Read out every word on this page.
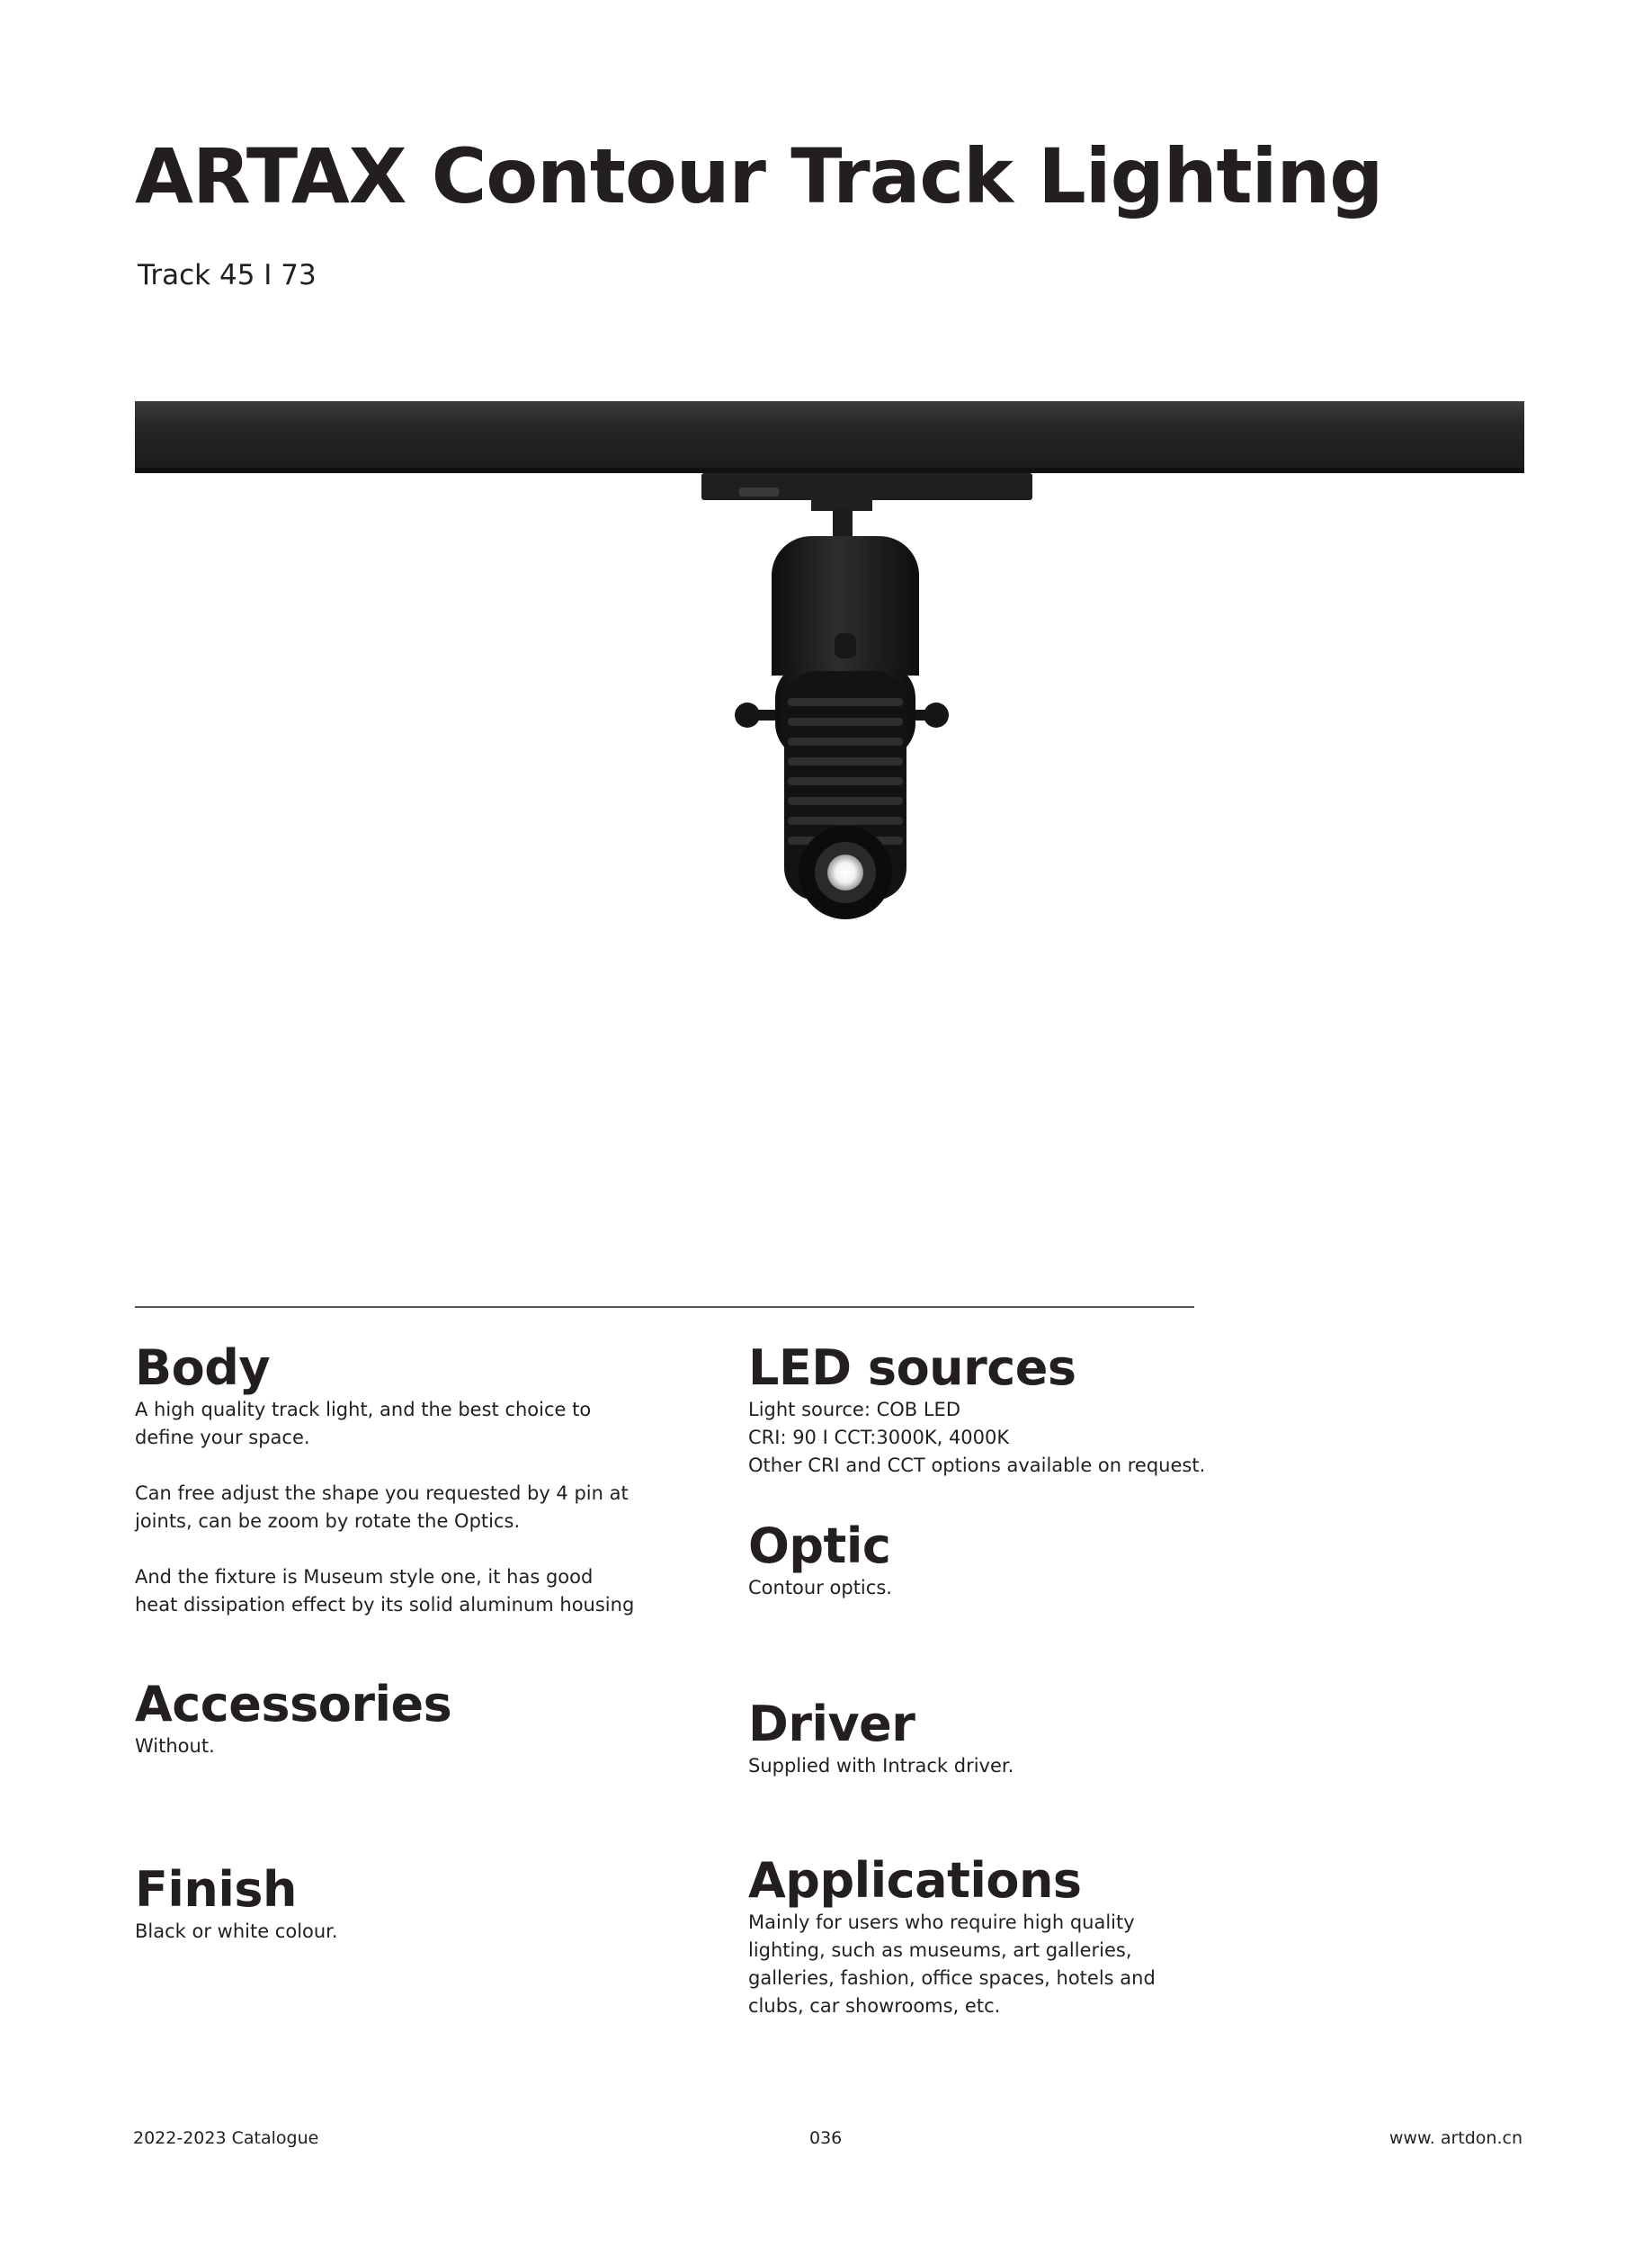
ARTAX Contour Track Lighting
Track 45 I 73
Body

A high quality track light, and the best choice to define your space.

Can free adjust the shape you requested by 4 pin at joints, can be zoom by rotate the Optics.

And the fixture is Museum style one, it has good heat dissipation effect by its solid aluminum housing

LED sources

Light source: COB LED
CRI: 90 I CCT:3000K, 4000K
Other CRI and CCT options available on request.

Optic

Contour optics.

Accessories

Without.	Driver

Supplied with Intrack driver.

Finish

Black or white colour.

Applications

Mainly for users who require high quality lighting, such as museums, art galleries, galleries, fashion, office spaces, hotels and clubs, car showrooms, etc.

2022-2023 Catalogue	036	www. artdon.cn
